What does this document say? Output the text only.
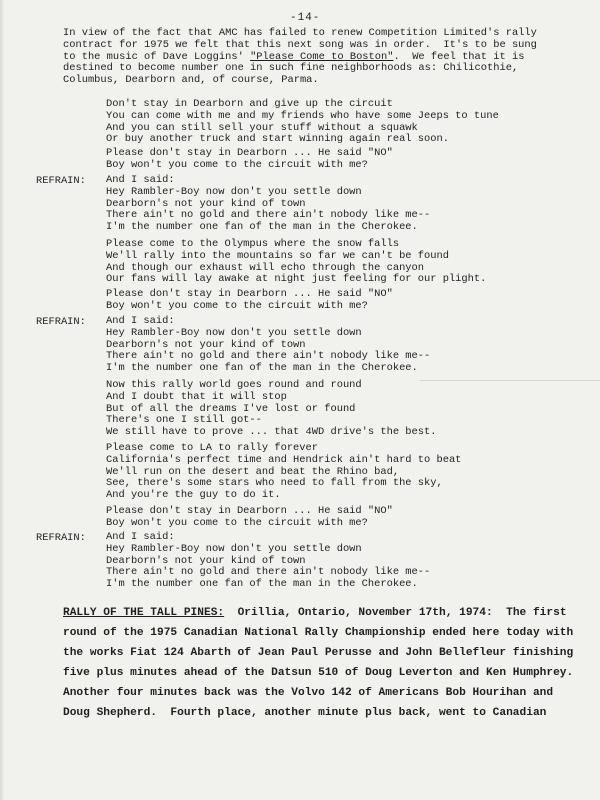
-14-
In view of the fact that AMC has failed to renew Competition Limited's rally
contract for 1975 we felt that this next song was in order.  It's to be sung
to the music of Dave Loggins' "Please Come to Boston".  We feel that it is
destined to become number one in such fine neighborhoods as: Chilicothie,
Columbus, Dearborn and, of course, Parma.
Don't stay in Dearborn and give up the circuit
You can come with me and my friends who have some Jeeps to tune
And you can still sell your stuff without a squawk
Or buy another truck and start winning again real soon.
Please don't stay in Dearborn ... He said "NO"
Boy won't you come to the circuit with me?
REFRAIN: And I said:
Hey Rambler-Boy now don't you settle down
Dearborn's not your kind of town
There ain't no gold and there ain't nobody like me--
I'm the number one fan of the man in the Cherokee.
Please come to the Olympus where the snow falls
We'll rally into the mountains so far we can't be found
And though our exhaust will echo through the canyon
Our fans will lay awake at night just feeling for our plight.
Please don't stay in Dearborn ... He said "NO"
Boy won't you come to the circuit with me?
REFRAIN: And I said:
Hey Rambler-Boy now don't you settle down
Dearborn's not your kind of town
There ain't no gold and there ain't nobody like me--
I'm the number one fan of the man in the Cherokee.
Now this rally world goes round and round
And I doubt that it will stop
But of all the dreams I've lost or found
There's one I still got--
We still have to prove ... that 4WD drive's the best.
Please come to LA to rally forever
California's perfect time and Hendrick ain't hard to beat
We'll run on the desert and beat the Rhino bad,
See, there's some stars who need to fall from the sky,
And you're the guy to do it.
Please don't stay in Dearborn ... He said "NO"
Boy won't you come to the circuit with me?
REFRAIN: And I said:
Hey Rambler-Boy now don't you settle down
Dearborn's not your kind of town
There ain't no gold and there ain't nobody like me--
I'm the number one fan of the man in the Cherokee.
RALLY OF THE TALL PINES:  Orillia, Ontario, November 17th, 1974:  The first
round of the 1975 Canadian National Rally Championship ended here today with
the works Fiat 124 Abarth of Jean Paul Perusse and John Bellefleur finishing
five plus minutes ahead of the Datsun 510 of Doug Leverton and Ken Humphrey.
Another four minutes back was the Volvo 142 of Americans Bob Hourihan and
Doug Shepherd.  Fourth place, another minute plus back, went to Canadian
